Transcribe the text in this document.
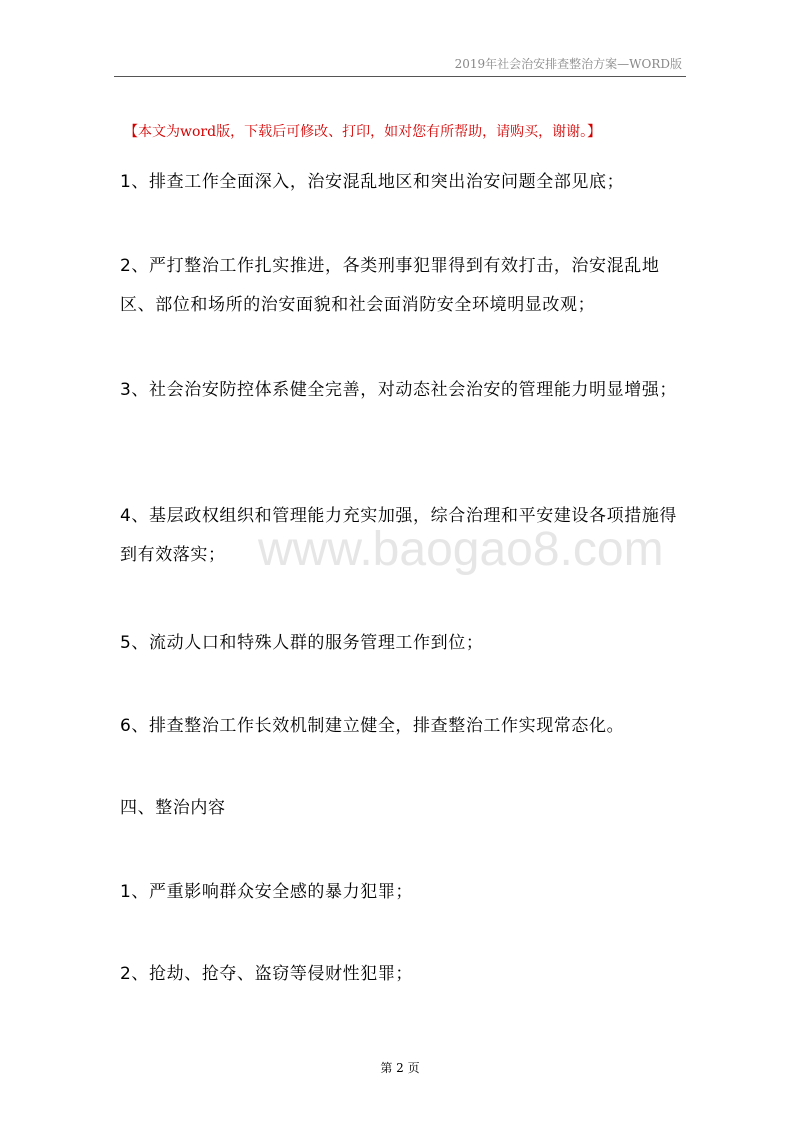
2019年社会治安排查整治方案—WORD版
【本文为word版，下载后可修改、打印，如对您有所帮助，请购买，谢谢。】
www.baogao8.com
1、排查工作全面深入，治安混乱地区和突出治安问题全部见底；
2、严打整治工作扎实推进，各类刑事犯罪得到有效打击，治安混乱地区、部位和场所的治安面貌和社会面消防安全环境明显改观；
3、社会治安防控体系健全完善，对动态社会治安的管理能力明显增强；
4、基层政权组织和管理能力充实加强，综合治理和平安建设各项措施得到有效落实；
5、流动人口和特殊人群的服务管理工作到位；
6、排查整治工作长效机制建立健全，排查整治工作实现常态化。
四、整治内容
1、严重影响群众安全感的暴力犯罪；
2、抢劫、抢夺、盗窃等侵财性犯罪；
第 2 页
